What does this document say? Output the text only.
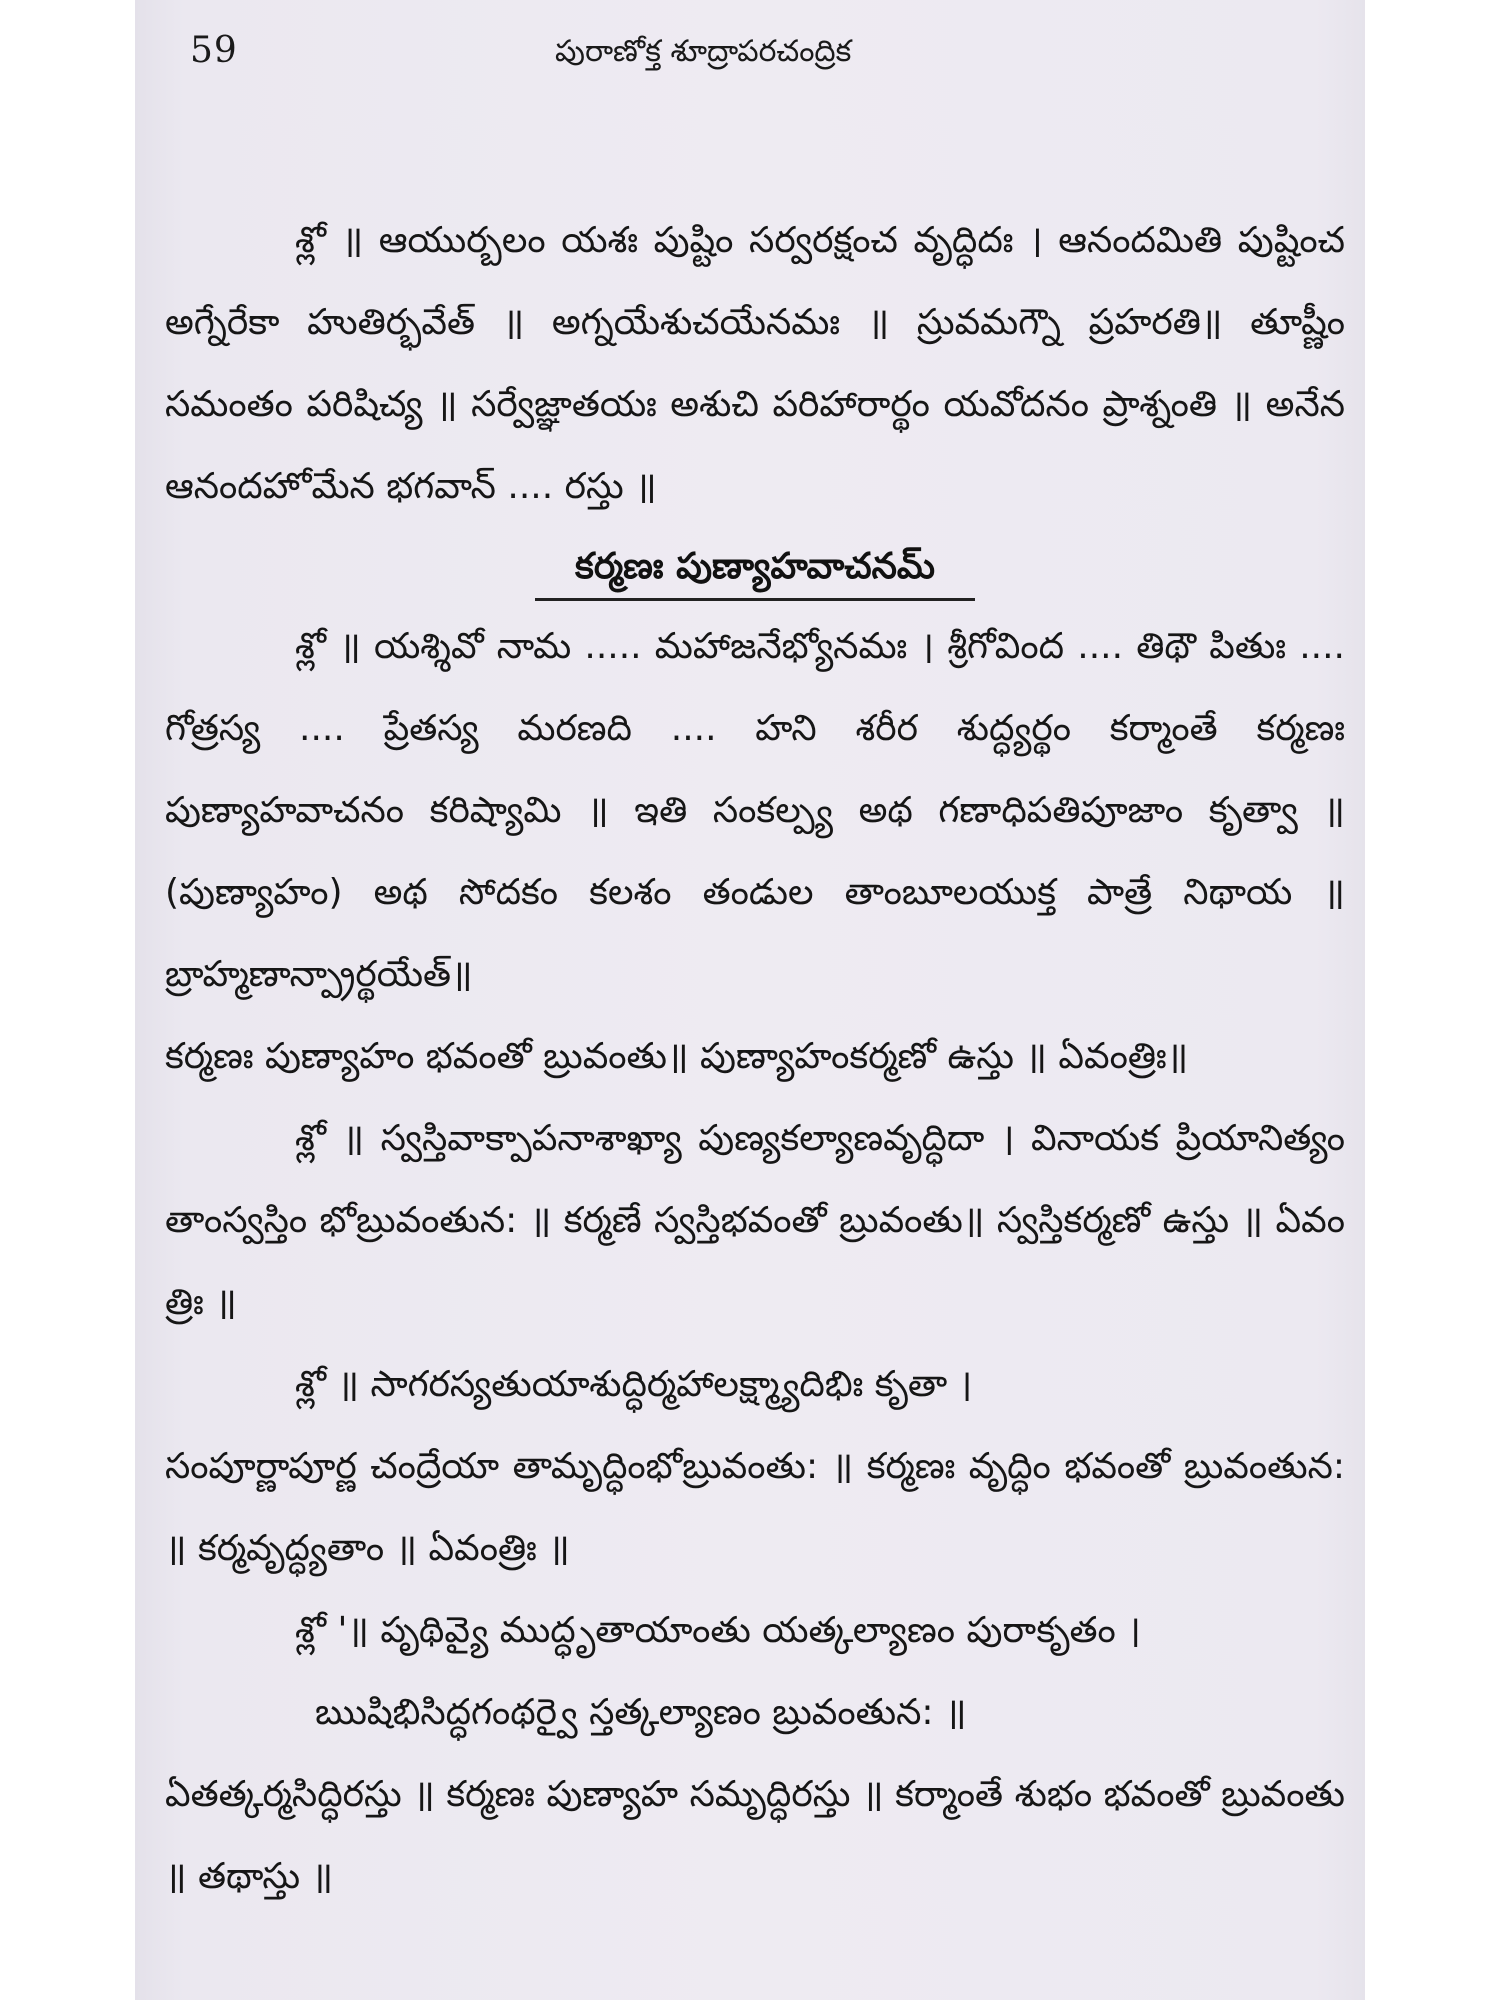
59	పురాణోక్త శూద్రాపరచంద్రిక

శ్లో ॥ ఆయుర్బలం యశః పుష్టిం సర్వరక్షంచ వృద్ధిదః । ఆనందమితి పుష్టించ అగ్నేరేకా హుతిర్భవేత్ ॥ అగ్నయేశుచయేనమః ॥ స్రువమగ్నౌ ప్రహరతి॥ తూష్ణీం సమంతం పరిషిచ్య ॥ సర్వేజ్ఞాతయః అశుచి పరిహారార్థం యవోదనం ప్రాశ్నంతి ॥ అనేన ఆనందహోమేన భగవాన్ .... రస్తు ॥

కర్మణః పుణ్యాహవాచనమ్

శ్లో ॥ యశ్శివో నామ ..... మహాజనేభ్యోనమః । శ్రీగోవింద .... తిథౌ పితుః .... గోత్రస్య .... ప్రేతస్య మరణది .... హని శరీర శుద్ధ్యర్థం కర్మాంతే కర్మణః పుణ్యాహవాచనం కరిష్యామి ॥ ఇతి సంకల్ప్య అథ గణాధిపతిపూజాం కృత్వా ॥ (పుణ్యాహం) అథ సోదకం కలశం తండుల తాంబూలయుక్త పాత్రే నిథాయ ॥ బ్రాహ్మణాన్ప్రార్థయేత్॥

కర్మణః పుణ్యాహం భవంతో బ్రువంతు॥ పుణ్యాహంకర్మణో ఉస్తు ॥ ఏవంత్రిః॥

శ్లో ॥ స్వస్తివాక్పాపనాశాఖ్యా పుణ్యకల్యాణవృద్ధిదా । వినాయక ప్రియానిత్యం తాంస్వస్తిం భోబ్రువంతున: ॥ కర్మణే స్వస్తిభవంతో బ్రువంతు॥ స్వస్తికర్మణో ఉస్తు ॥ ఏవం త్రిః ॥

శ్లో ॥ సాగరస్యతుయాశుద్ధిర్మహాలక్ష్మ్యాదిభిః కృతా ।

సంపూర్ణాపూర్ణ చంద్రేయా తామృద్ధింభోబ్రువంతు: ॥ కర్మణః వృద్ధిం భవంతో బ్రువంతున: ॥ కర్మవృద్ధ్యతాం ॥ ఏవంత్రిః ॥

శ్లో '॥ పృథివ్యై ముద్ధృతాయాంతు యత్కల్యాణం పురాకృతం ।

ఋషిభిసిద్ధగంథర్వై స్తత్కల్యాణం బ్రువంతున: ॥

ఏతత్కర్మసిద్ధిరస్తు ॥ కర్మణః పుణ్యాహ సమృద్ధిరస్తు ॥ కర్మాంతే శుభం భవంతో బ్రువంతు ॥ తథాస్తు ॥
